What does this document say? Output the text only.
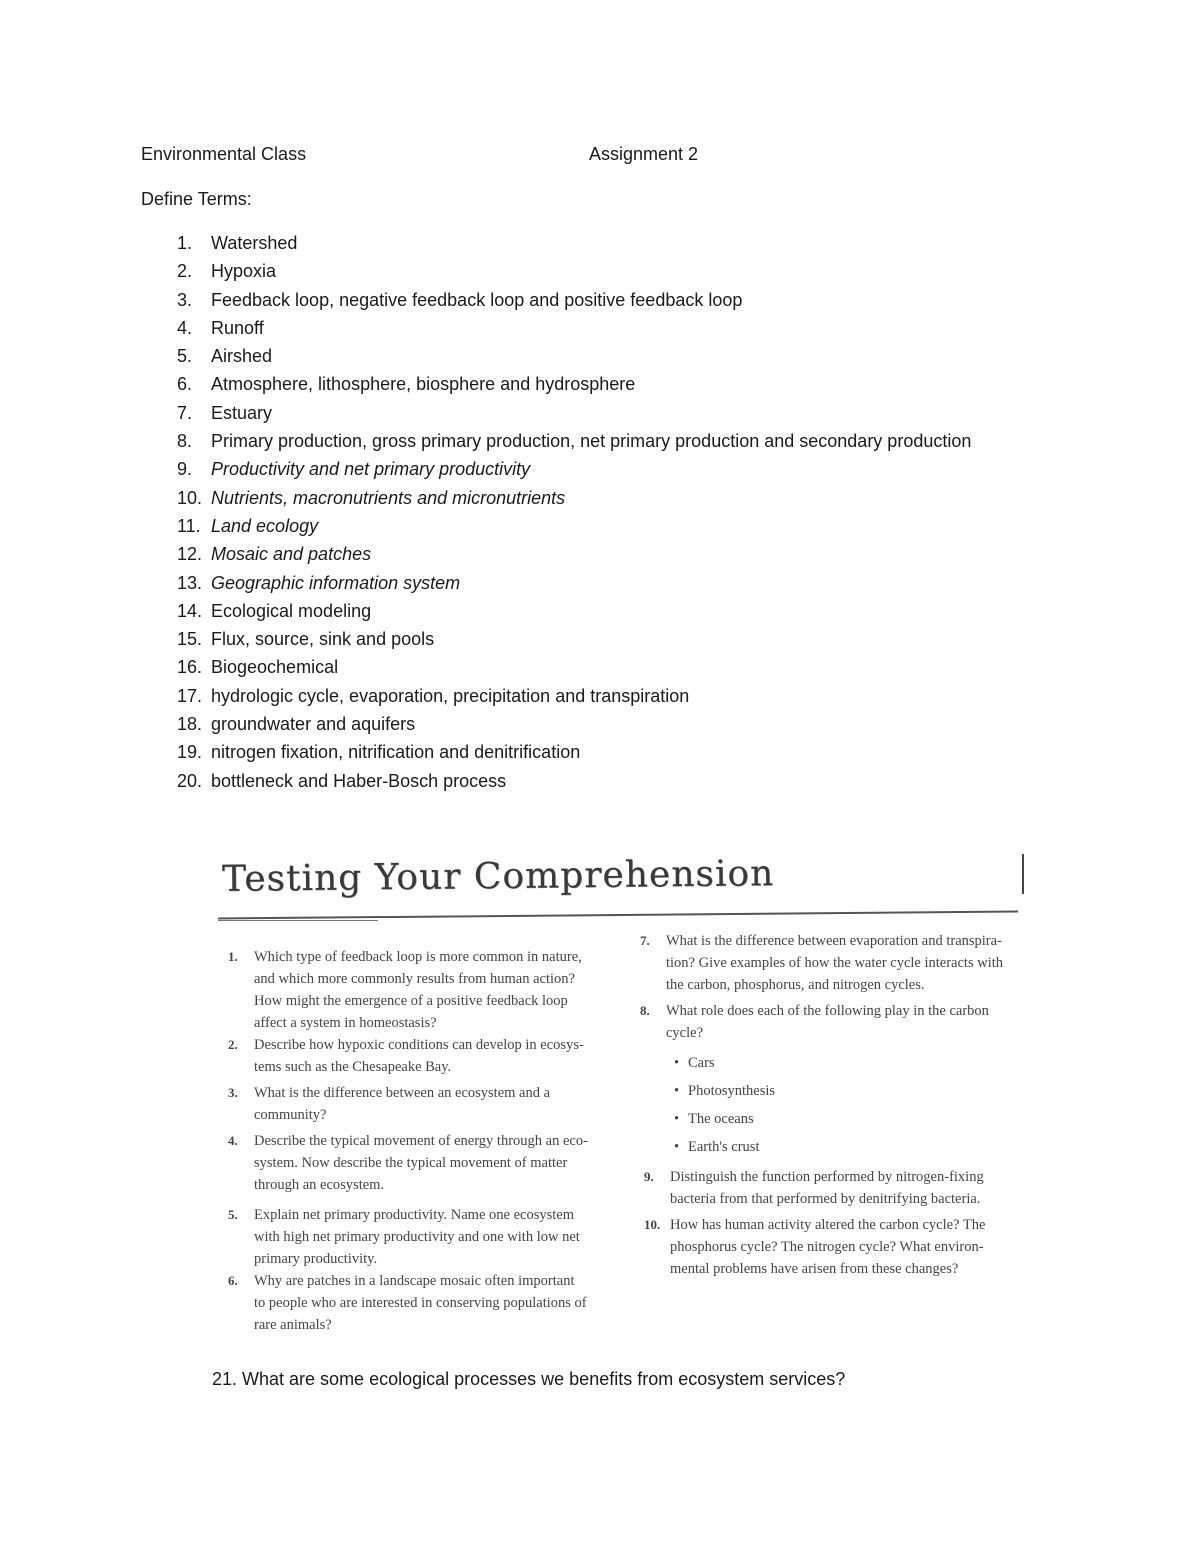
Environmental Class	Assignment 2
Define Terms:
1. Watershed
2. Hypoxia
3. Feedback loop, negative feedback loop and positive feedback loop
4. Runoff
5. Airshed
6. Atmosphere, lithosphere, biosphere and hydrosphere
7. Estuary
8. Primary production, gross primary production, net primary production and secondary production
9. Productivity and net primary productivity
10. Nutrients, macronutrients and micronutrients
11. Land ecology
12. Mosaic and patches
13. Geographic information system
14. Ecological modeling
15. Flux, source, sink and pools
16. Biogeochemical
17. hydrologic cycle, evaporation, precipitation and transpiration
18. groundwater and aquifers
19. nitrogen fixation, nitrification and denitrification
20. bottleneck and Haber-Bosch process
Testing Your Comprehension
1. Which type of feedback loop is more common in nature,
and which more commonly results from human action?
How might the emergence of a positive feedback loop
affect a system in homeostasis?
2. Describe how hypoxic conditions can develop in ecosys-
tems such as the Chesapeake Bay.
3. What is the difference between an ecosystem and a
community?
4. Describe the typical movement of energy through an eco-
system. Now describe the typical movement of matter
through an ecosystem.
5. Explain net primary productivity. Name one ecosystem
with high net primary productivity and one with low net
primary productivity.
6. Why are patches in a landscape mosaic often important
to people who are interested in conserving populations of
rare animals?
7. What is the difference between evaporation and transpira-
tion? Give examples of how the water cycle interacts with
the carbon, phosphorus, and nitrogen cycles.
8. What role does each of the following play in the carbon
cycle?
• Cars
• Photosynthesis
• The oceans
• Earth's crust
9. Distinguish the function performed by nitrogen-fixing
bacteria from that performed by denitrifying bacteria.
10. How has human activity altered the carbon cycle? The
phosphorus cycle? The nitrogen cycle? What environ-
mental problems have arisen from these changes?
21. What are some ecological processes we benefits from ecosystem services?
